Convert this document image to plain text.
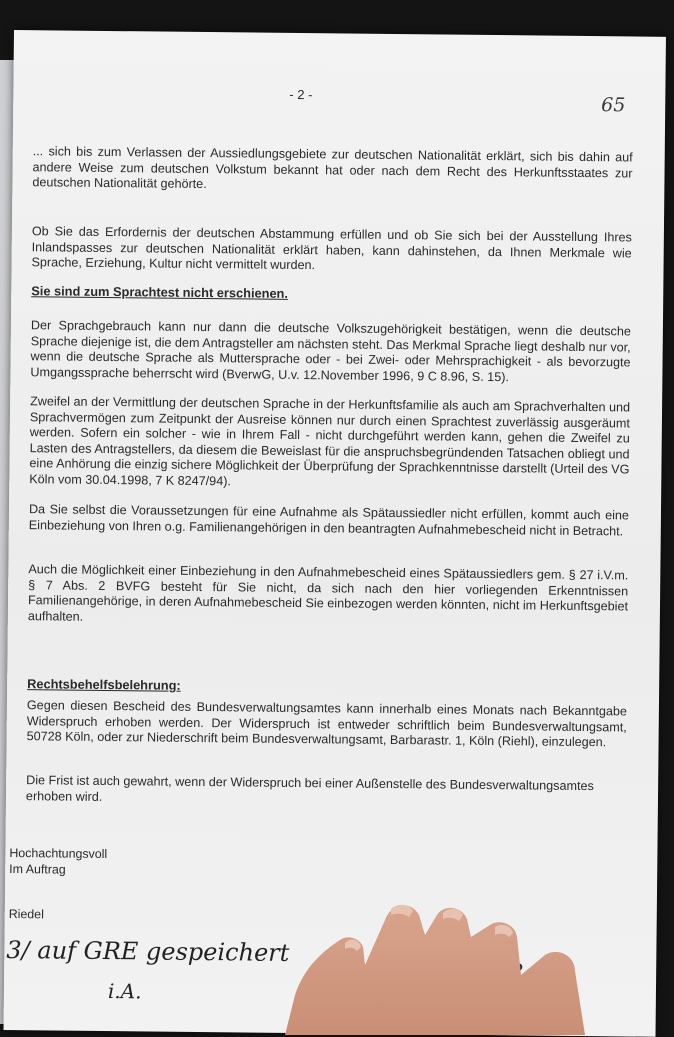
- 2 -	65
... sich bis zum Verlassen der Aussiedlungsgebiete zur deutschen Nationalität erklärt, sich bis dahin auf andere Weise zum deutschen Volkstum bekannt hat oder nach dem Recht des Herkunftsstaates zur deutschen Nationalität gehörte.
Ob Sie das Erfordernis der deutschen Abstammung erfüllen und ob Sie sich bei der Ausstellung Ihres Inlandspasses zur deutschen Nationalität erklärt haben, kann dahinstehen, da Ihnen Merkmale wie Sprache, Erziehung, Kultur nicht vermittelt wurden.
Sie sind zum Sprachtest nicht erschienen.
Der Sprachgebrauch kann nur dann die deutsche Volkszugehörigkeit bestätigen, wenn die deutsche Sprache diejenige ist, die dem Antragsteller am nächsten steht. Das Merkmal Sprache liegt deshalb nur vor, wenn die deutsche Sprache als Muttersprache oder - bei Zwei- oder Mehrsprachigkeit - als bevorzugte Umgangssprache beherrscht wird (BverwG, U.v. 12.November 1996, 9 C 8.96, S. 15).
Zweifel an der Vermittlung der deutschen Sprache in der Herkunftsfamilie als auch am Sprachverhalten und Sprachvermögen zum Zeitpunkt der Ausreise können nur durch einen Sprachtest zuverlässig ausgeräumt werden. Sofern ein solcher - wie in Ihrem Fall - nicht durchgeführt werden kann, gehen die Zweifel zu Lasten des Antragstellers, da diesem die Beweislast für die anspruchsbegründenden Tatsachen obliegt und eine Anhörung die einzig sichere Möglichkeit der Überprüfung der Sprachkenntnisse darstellt (Urteil des VG Köln vom 30.04.1998, 7 K 8247/94).
Da Sie selbst die Voraussetzungen für eine Aufnahme als Spätaussiedler nicht erfüllen, kommt auch eine Einbeziehung von Ihren o.g. Familienangehörigen in den beantragten Aufnahmebescheid nicht in Betracht.
Auch die Möglichkeit einer Einbeziehung in den Aufnahmebescheid eines Spätaussiedlers gem. § 27 i.V.m. § 7 Abs. 2 BVFG besteht für Sie nicht, da sich nach den hier vorliegenden Erkenntnissen Familienangehörige, in deren Aufnahmebescheid Sie einbezogen werden könnten, nicht im Herkunftsgebiet aufhalten.
Rechtsbehelfsbelehrung:
Gegen diesen Bescheid des Bundesverwaltungsamtes kann innerhalb eines Monats nach Bekanntgabe Widerspruch erhoben werden. Der Widerspruch ist entweder schriftlich beim Bundesverwaltungsamt, 50728 Köln, oder zur Niederschrift beim Bundesverwaltungsamt, Barbarastr. 1, Köln (Riehl), einzulegen.
Die Frist ist auch gewahrt, wenn der Widerspruch bei einer Außenstelle des Bundesverwaltungsamtes erhoben wird.
Hochachtungsvoll
Im Auftrag
Riedel
3/ auf GRE gespeichert
i.A.
